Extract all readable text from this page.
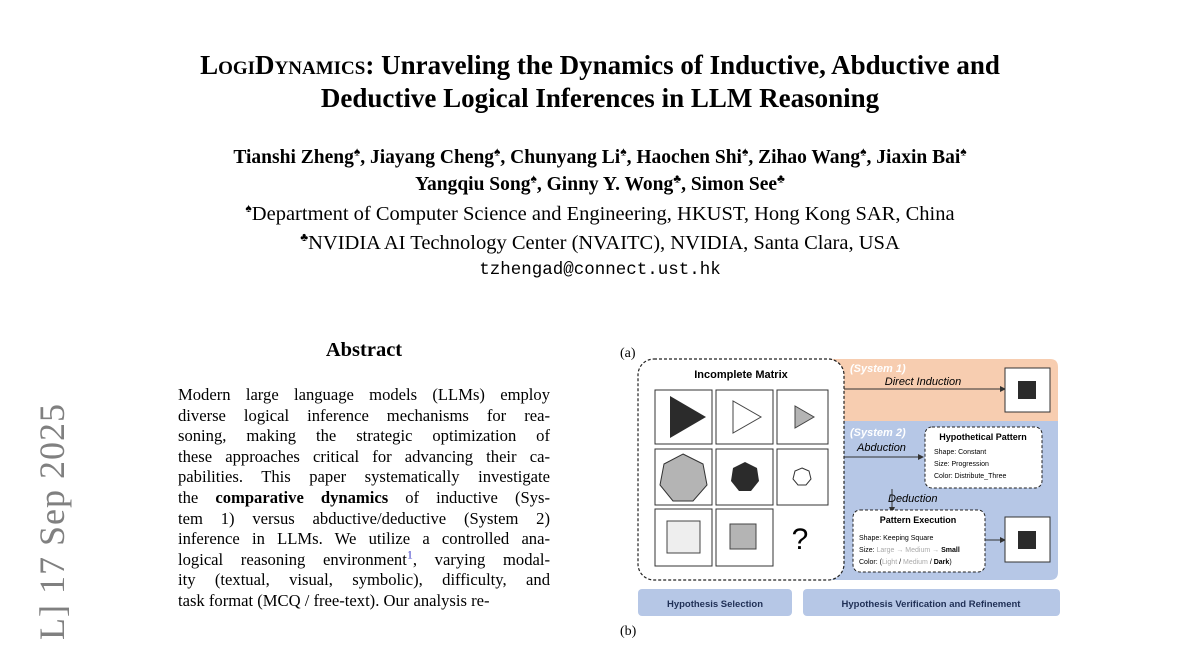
LogiDynamics: Unraveling the Dynamics of Inductive, Abductive and
Deductive Logical Inferences in LLM Reasoning
Tianshi Zheng♠, Jiayang Cheng♠, Chunyang Li♠, Haochen Shi♠, Zihao Wang♠, Jiaxin Bai♠
Yangqiu Song♠, Ginny Y. Wong♣, Simon See♣
♠Department of Computer Science and Engineering, HKUST, Hong Kong SAR, China
♣NVIDIA AI Technology Center (NVAITC), NVIDIA, Santa Clara, USA
tzhengad@connect.ust.hk
L] 17 Sep 2025
Abstract
Modern large language models (LLMs) employ
diverse logical inference mechanisms for rea-
soning, making the strategic optimization of
these approaches critical for advancing their ca-
pabilities. This paper systematically investigate
the comparative dynamics of inductive (Sys-
tem 1) versus abductive/deductive (System 2)
inference in LLMs. We utilize a controlled ana-
logical reasoning environment$^1$, varying modal-
ity (textual, visual, symbolic), difficulty, and
task format (MCQ / free-text). Our analysis re-
(a)
(b)
Incomplete Matrix
?
(System 1)
Direct Induction
(System 2)
Abduction
Hypothetical Pattern
Shape: Constant
Size: Progression
Color: Distribute_Three
Deduction
Pattern Execution
Shape: Keeping Square
Size: Large → Medium → Small
Color: (Light / Medium / Dark)
Hypothesis Selection	Hypothesis Verification and Refinement
